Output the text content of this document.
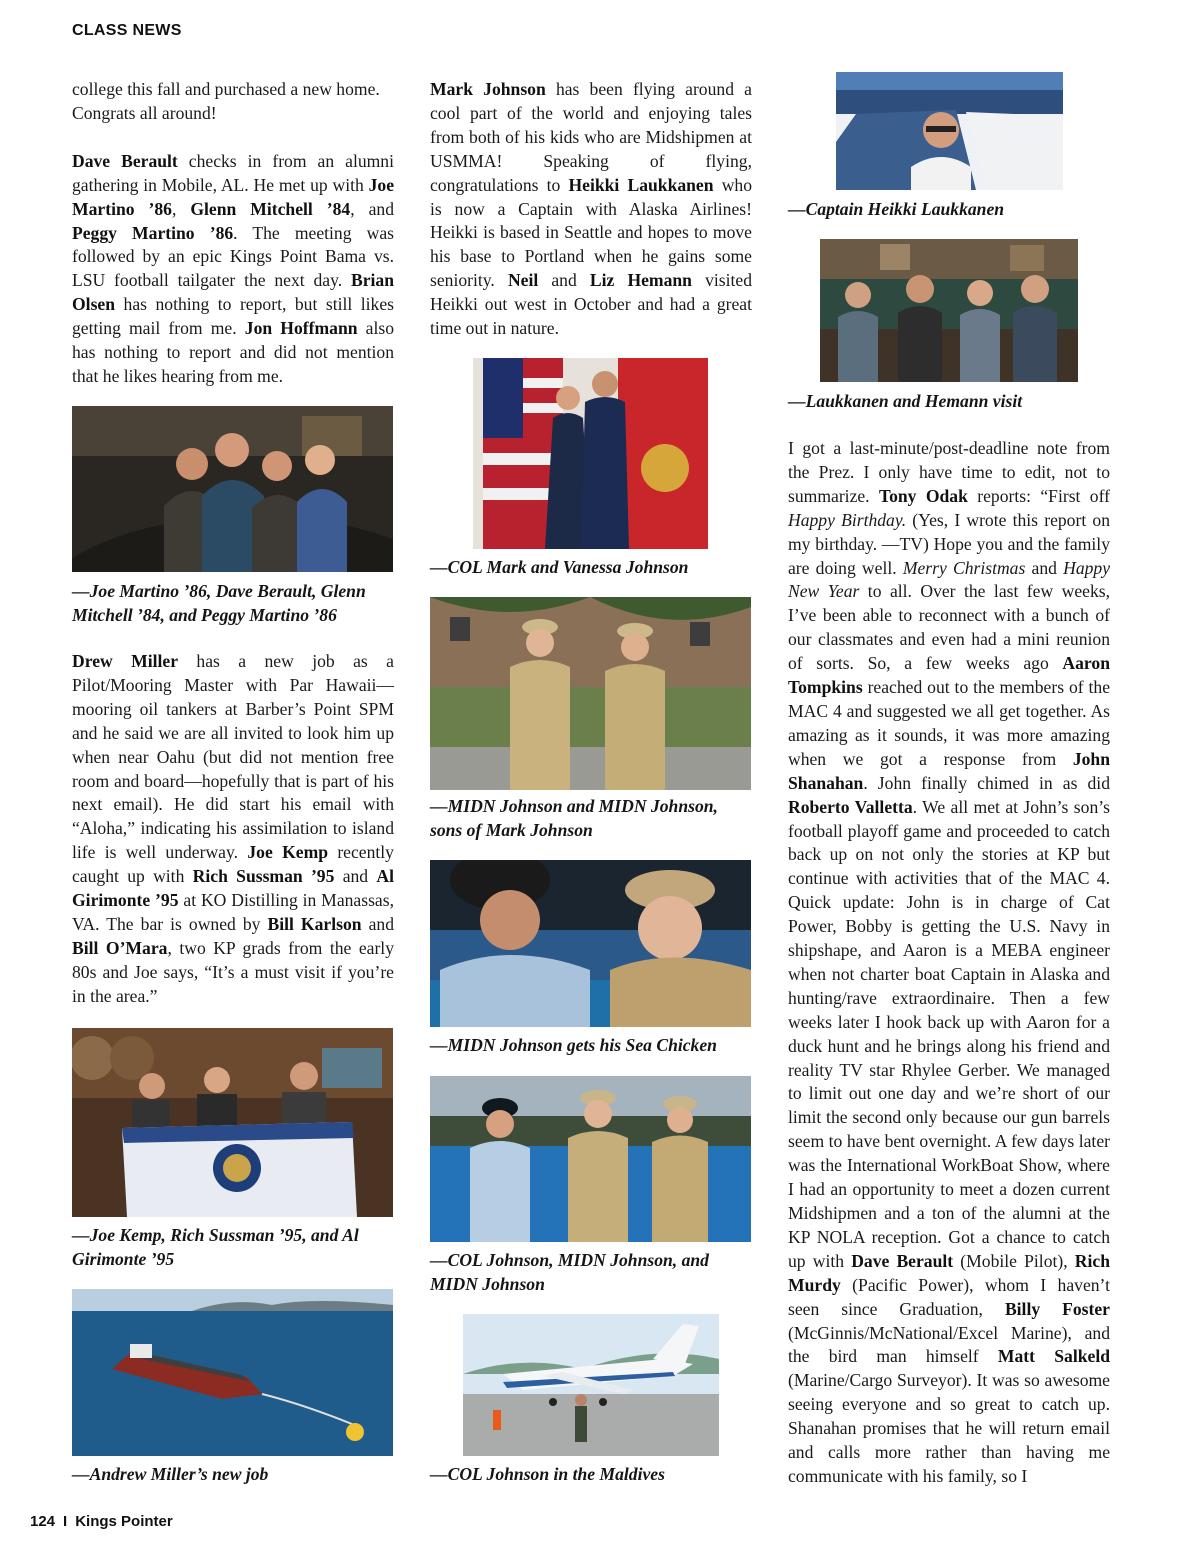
CLASS NEWS

college this fall and purchased a new home.
Congrats all around!

Dave Berault checks in from an alumni gathering in Mobile, AL. He met up with Joe Martino ’86, Glenn Mitchell ’84, and Peggy Martino ’86. The meeting was followed by an epic Kings Point Bama vs. LSU football tailgater the next day. Brian Olsen has nothing to report, but still likes getting mail from me. Jon Hoffmann also has nothing to report and did not mention that he likes hearing from me.

—Joe Martino ’86, Dave Berault, Glenn
Mitchell ’84, and Peggy Martino ’86

Drew Miller has a new job as a Pilot/Mooring Master with Par Hawaii—mooring oil tankers at Barber’s Point SPM and he said we are all invited to look him up when near Oahu (but did not mention free room and board—hopefully that is part of his next email). He did start his email with “Aloha,” indicating his assimilation to island life is well underway. Joe Kemp recently caught up with Rich Sussman ’95 and Al Girimonte ’95 at KO Distilling in Manassas, VA. The bar is owned by Bill Karlson and Bill O’Mara, two KP grads from the early 80s and Joe says, “It’s a must visit if you’re in the area.”

—Joe Kemp, Rich Sussman ’95, and Al
Girimonte ’95
—Andrew Miller’s new job

Mark Johnson has been flying around a cool part of the world and enjoying tales from both of his kids who are Midshipmen at USMMA! Speaking of flying, congratulations to Heikki Laukkanen who is now a Captain with Alaska Airlines! Heikki is based in Seattle and hopes to move his base to Portland when he gains some seniority. Neil and Liz Hemann visited Heikki out west in October and had a great time out in nature.

—COL Mark and Vanessa Johnson
—MIDN Johnson and MIDN Johnson,
sons of Mark Johnson
—MIDN Johnson gets his Sea Chicken
—COL Johnson, MIDN Johnson, and
MIDN Johnson
—COL Johnson in the Maldives
—Captain Heikki Laukkanen
—Laukkanen and Hemann visit

I got a last-minute/post-deadline note from the Prez. I only have time to edit, not to summarize. Tony Odak reports: “First off Happy Birthday. (Yes, I wrote this report on my birthday. —TV) Hope you and the family are doing well. Merry Christmas and Happy New Year to all. Over the last few weeks, I’ve been able to reconnect with a bunch of our classmates and even had a mini reunion of sorts. So, a few weeks ago Aaron Tompkins reached out to the members of the MAC 4 and suggested we all get together. As amazing as it sounds, it was more amazing when we got a response from John Shanahan. John finally chimed in as did Roberto Valletta. We all met at John’s son’s football playoff game and proceeded to catch back up on not only the stories at KP but continue with activities that of the MAC 4. Quick update: John is in charge of Cat Power, Bobby is getting the U.S. Navy in shipshape, and Aaron is a MEBA engineer when not charter boat Captain in Alaska and hunting/rave extraordinaire. Then a few weeks later I hook back up with Aaron for a duck hunt and he brings along his friend and reality TV star Rhylee Gerber. We managed to limit out one day and we’re short of our limit the second only because our gun barrels seem to have bent overnight. A few days later was the International WorkBoat Show, where I had an opportunity to meet a dozen current Midshipmen and a ton of the alumni at the KP NOLA reception. Got a chance to catch up with Dave Berault (Mobile Pilot), Rich Murdy (Pacific Power), whom I haven’t seen since Graduation, Billy Foster (McGinnis/McNational/Excel Marine), and the bird man himself Matt Salkeld (Marine/Cargo Surveyor). It was so awesome seeing everyone and so great to catch up. Shanahan promises that he will return email and calls more rather than having me communicate with his family, so I

124 I Kings Pointer
